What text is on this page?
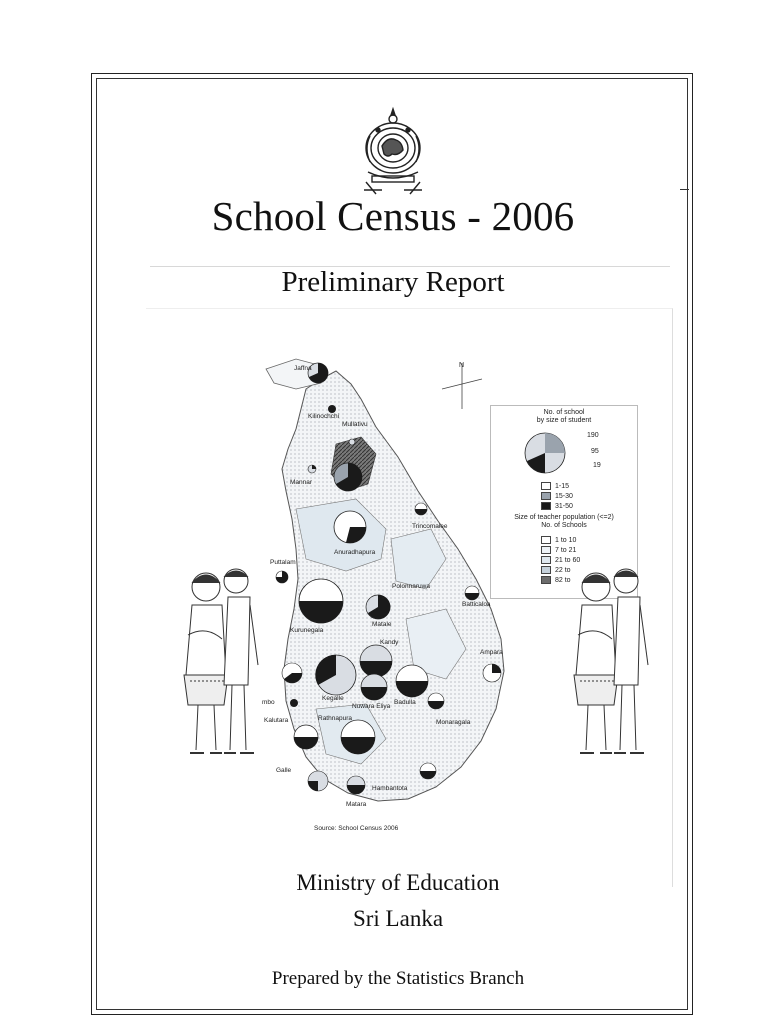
School Census - 2006
Preliminary Report
N
Jaffna
Kilinochchi
Mullativu
Mannar
Trincomalee
Anuradhapura
Puttalam
Polonnaruwa
Batticaloa
Kurunegala
Matale
Kandy
Ampara
mbo
Kegalle
Nuwara Eliya
Badulla
Kalutara	Rathnapura
Monaragala
Galle
Hambantota
Matara
Source: School Census 2006
No. of school
by size of student
190
95
19
1-15
15-30
31-50
Size of teacher population (<=2)
No. of Schools
1 to 10
7 to 21
21 to 60
22 to
82 to
Ministry of Education
Sri Lanka
Prepared by the Statistics Branch
